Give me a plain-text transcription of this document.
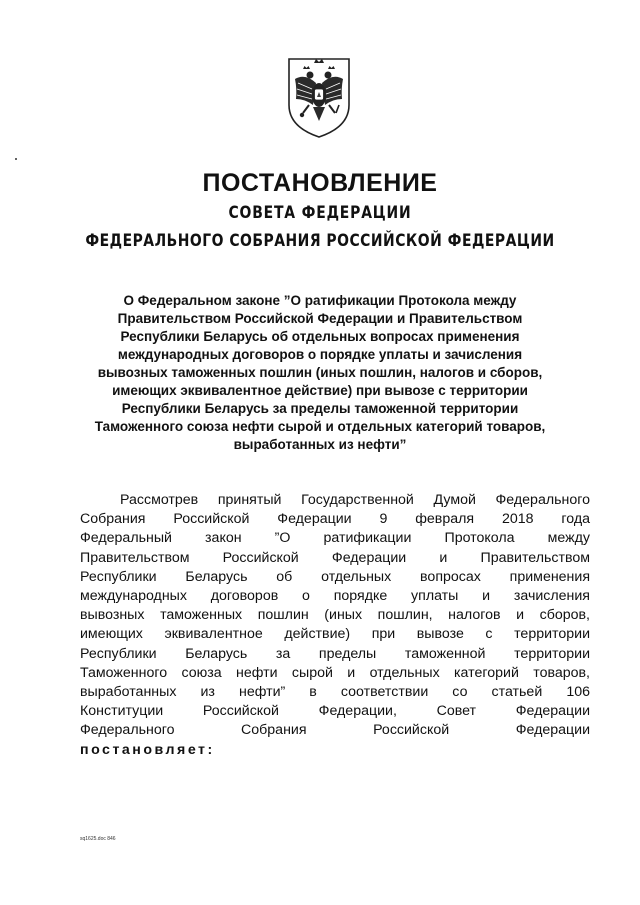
ПОСТАНОВЛЕНИЕ
СОВЕТА ФЕДЕРАЦИИ
ФЕДЕРАЛЬНОГО СОБРАНИЯ РОССИЙСКОЙ ФЕДЕРАЦИИ
О Федеральном законе ”О ратификации Протокола между
Правительством Российской Федерации и Правительством
Республики Беларусь об отдельных вопросах применения
международных договоров о порядке уплаты и зачисления
вывозных таможенных пошлин (иных пошлин, налогов и сборов,
имеющих эквивалентное действие) при вывозе с территории
Республики Беларусь за пределы таможенной территории
Таможенного союза нефти сырой и отдельных категорий товаров,
выработанных из нефти”
Рассмотрев принятый Государственной Думой Федерального
Собрания Российской Федерации 9 февраля 2018 года
Федеральный закон ”О ратификации Протокола между
Правительством Российской Федерации и Правительством
Республики Беларусь об отдельных вопросах применения
международных договоров о порядке уплаты и зачисления
вывозных таможенных пошлин (иных пошлин, налогов и сборов,
имеющих эквивалентное действие) при вывозе с территории
Республики Беларусь за пределы таможенной территории
Таможенного союза нефти сырой и отдельных категорий товаров,
выработанных из нефти” в соответствии со статьей 106
Конституции Российской Федерации, Совет Федерации
Федерального Собрания Российской Федерации
постановляет:
sq1625.doc 846
